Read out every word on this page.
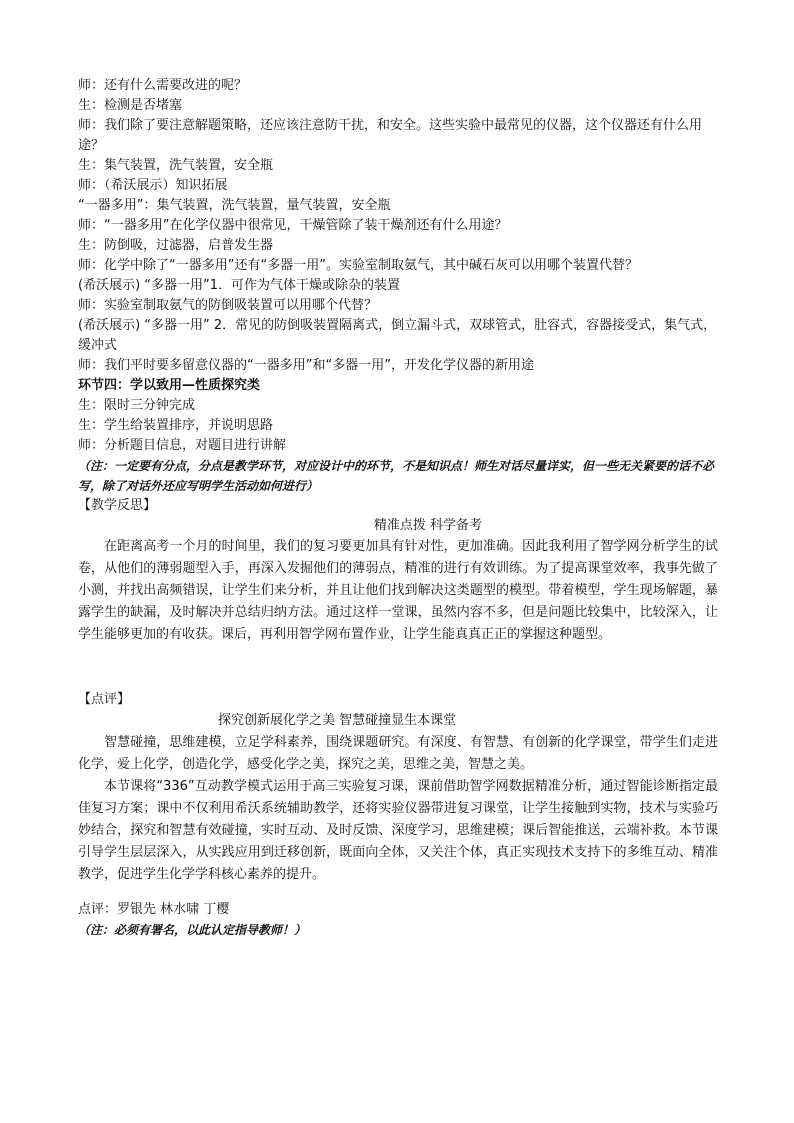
师：还有什么需要改进的呢？
生：检测是否堵塞
师：我们除了要注意解题策略，还应该注意防干扰，和安全。这些实验中最常见的仪器，这个仪器还有什么用途？
生：集气装置，洗气装置，安全瓶
师：（希沃展示）知识拓展
“一器多用”：集气装置，洗气装置，量气装置，安全瓶
师：“一器多用”在化学仪器中很常见，干燥管除了装干燥剂还有什么用途？
生：防倒吸，过滤器，启普发生器
师：化学中除了“一器多用”还有“多器一用”。实验室制取氨气，其中碱石灰可以用哪个装置代替？
(希沃展示) “多器一用”1．可作为气体干燥或除杂的装置
师：实验室制取氨气的防倒吸装置可以用哪个代替？
(希沃展示) “多器一用” 2．常见的防倒吸装置隔离式，倒立漏斗式，双球管式，肚容式，容器接受式，集气式，缓冲式
师：我们平时要多留意仪器的“一器多用”和“多器一用”，开发化学仪器的新用途
环节四：学以致用—性质探究类
生：限时三分钟完成
生：学生给装置排序，并说明思路
师：分析题目信息，对题目进行讲解
（注：一定要有分点，分点是教学环节，对应设计中的环节，不是知识点！师生对话尽量详实，但一些无关紧要的话不必写，除了对话外还应写明学生活动如何进行）
【教学反思】
精准点拨 科学备考

在距离高考一个月的时间里，我们的复习要更加具有针对性，更加准确。因此我利用了智学网分析学生的试卷，从他们的薄弱题型入手，再深入发掘他们的薄弱点，精准的进行有效训练。为了提高课堂效率，我事先做了小测，并找出高频错误，让学生们来分析，并且让他们找到解决这类题型的模型。带着模型，学生现场解题，暴露学生的缺漏，及时解决并总结归纳方法。通过这样一堂课，虽然内容不多，但是问题比较集中，比较深入，让学生能够更加的有收获。课后，再利用智学网布置作业，让学生能真真正正的掌握这种题型。

【点评】
探究创新展化学之美 智慧碰撞显生本课堂

智慧碰撞，思维建模，立足学科素养，围绕课题研究。有深度、有智慧、有创新的化学课堂，带学生们走进化学，爱上化学，创造化学，感受化学之美，探究之美，思维之美，智慧之美。

本节课将“336”互动教学模式运用于高三实验复习课，课前借助智学网数据精准分析，通过智能诊断指定最佳复习方案；课中不仅利用希沃系统辅助教学，还将实验仪器带进复习课堂，让学生接触到实物，技术与实验巧妙结合，探究和智慧有效碰撞，实时互动、及时反馈、深度学习，思维建模；课后智能推送，云端补救。本节课引导学生层层深入，从实践应用到迁移创新，既面向全体，又关注个体，真正实现技术支持下的多维互动、精准教学，促进学生化学学科核心素养的提升。

点评：罗银先 林水啸 丁樱
（注：必须有署名，以此认定指导教师！）
